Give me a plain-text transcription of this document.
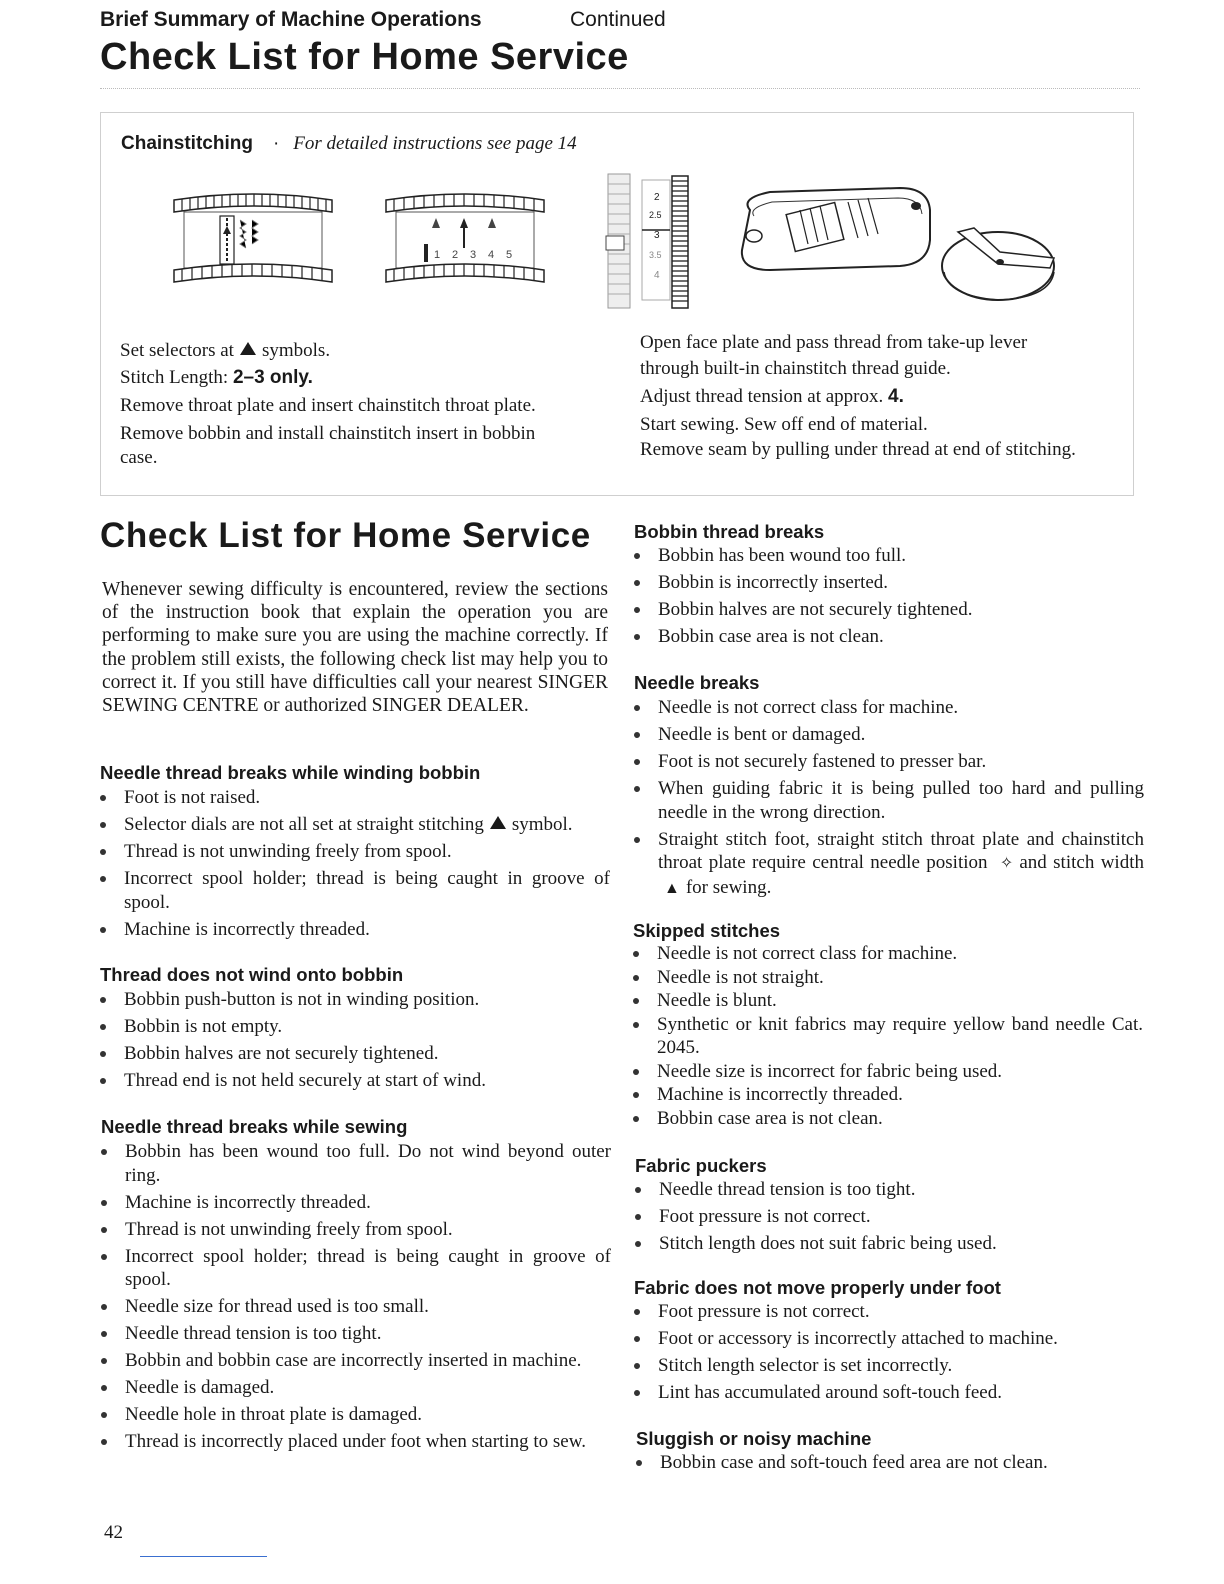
Brief Summary of Machine Operations	Continued
Check List for Home Service
Chainstitching · For detailed instructions see page 14
1 2 3 4 5
2
2.5
3
3.5
4
Set selectors at symbols.
Stitch Length: 2–3 only.
Remove throat plate and insert chainstitch throat plate.
Remove bobbin and install chainstitch insert in bobbin
case.
Open face plate and pass thread from take-up lever
through built-in chainstitch thread guide.
Adjust thread tension at approx. 4.
Start sewing. Sew off end of material.
Remove seam by pulling under thread at end of stitching.
Check List for Home Service
Whenever sewing difficulty is encountered, review the sections of the instruction book that explain the operation you are performing to make sure you are using the machine correctly. If the problem still exists, the following check list may help you to correct it. If you still have difficulties call your nearest SINGER SEWING CENTRE or authorized SINGER DEALER.
Needle thread breaks while winding bobbin
Foot is not raised.
Selector dials are not all set at straight stitching symbol.
Thread is not unwinding freely from spool.
Incorrect spool holder; thread is being caught in groove of spool.
Machine is incorrectly threaded.
Thread does not wind onto bobbin
Bobbin push-button is not in winding position.
Bobbin is not empty.
Bobbin halves are not securely tightened.
Thread end is not held securely at start of wind.
Needle thread breaks while sewing
Bobbin has been wound too full. Do not wind beyond outer ring.
Machine is incorrectly threaded.
Thread is not unwinding freely from spool.
Incorrect spool holder; thread is being caught in groove of spool.
Needle size for thread used is too small.
Needle thread tension is too tight.
Bobbin and bobbin case are incorrectly inserted in machine.
Needle is damaged.
Needle hole in throat plate is damaged.
Thread is incorrectly placed under foot when starting to sew.
Bobbin thread breaks
Bobbin has been wound too full.
Bobbin is incorrectly inserted.
Bobbin halves are not securely tightened.
Bobbin case area is not clean.
Needle breaks
Needle is not correct class for machine.
Needle is bent or damaged.
Foot is not securely fastened to presser bar.
When guiding fabric it is being pulled too hard and pulling needle in the wrong direction.
Straight stitch foot, straight stitch throat plate and chainstitch throat plate require central needle position ✧ and stitch width ▲ for sewing.
Skipped stitches
Needle is not correct class for machine.
Needle is not straight.
Needle is blunt.
Synthetic or knit fabrics may require yellow band needle Cat. 2045.
Needle size is incorrect for fabric being used.
Machine is incorrectly threaded.
Bobbin case area is not clean.
Fabric puckers
Needle thread tension is too tight.
Foot pressure is not correct.
Stitch length does not suit fabric being used.
Fabric does not move properly under foot
Foot pressure is not correct.
Foot or accessory is incorrectly attached to machine.
Stitch length selector is set incorrectly.
Lint has accumulated around soft-touch feed.
Sluggish or noisy machine
Bobbin case and soft-touch feed area are not clean.
42
